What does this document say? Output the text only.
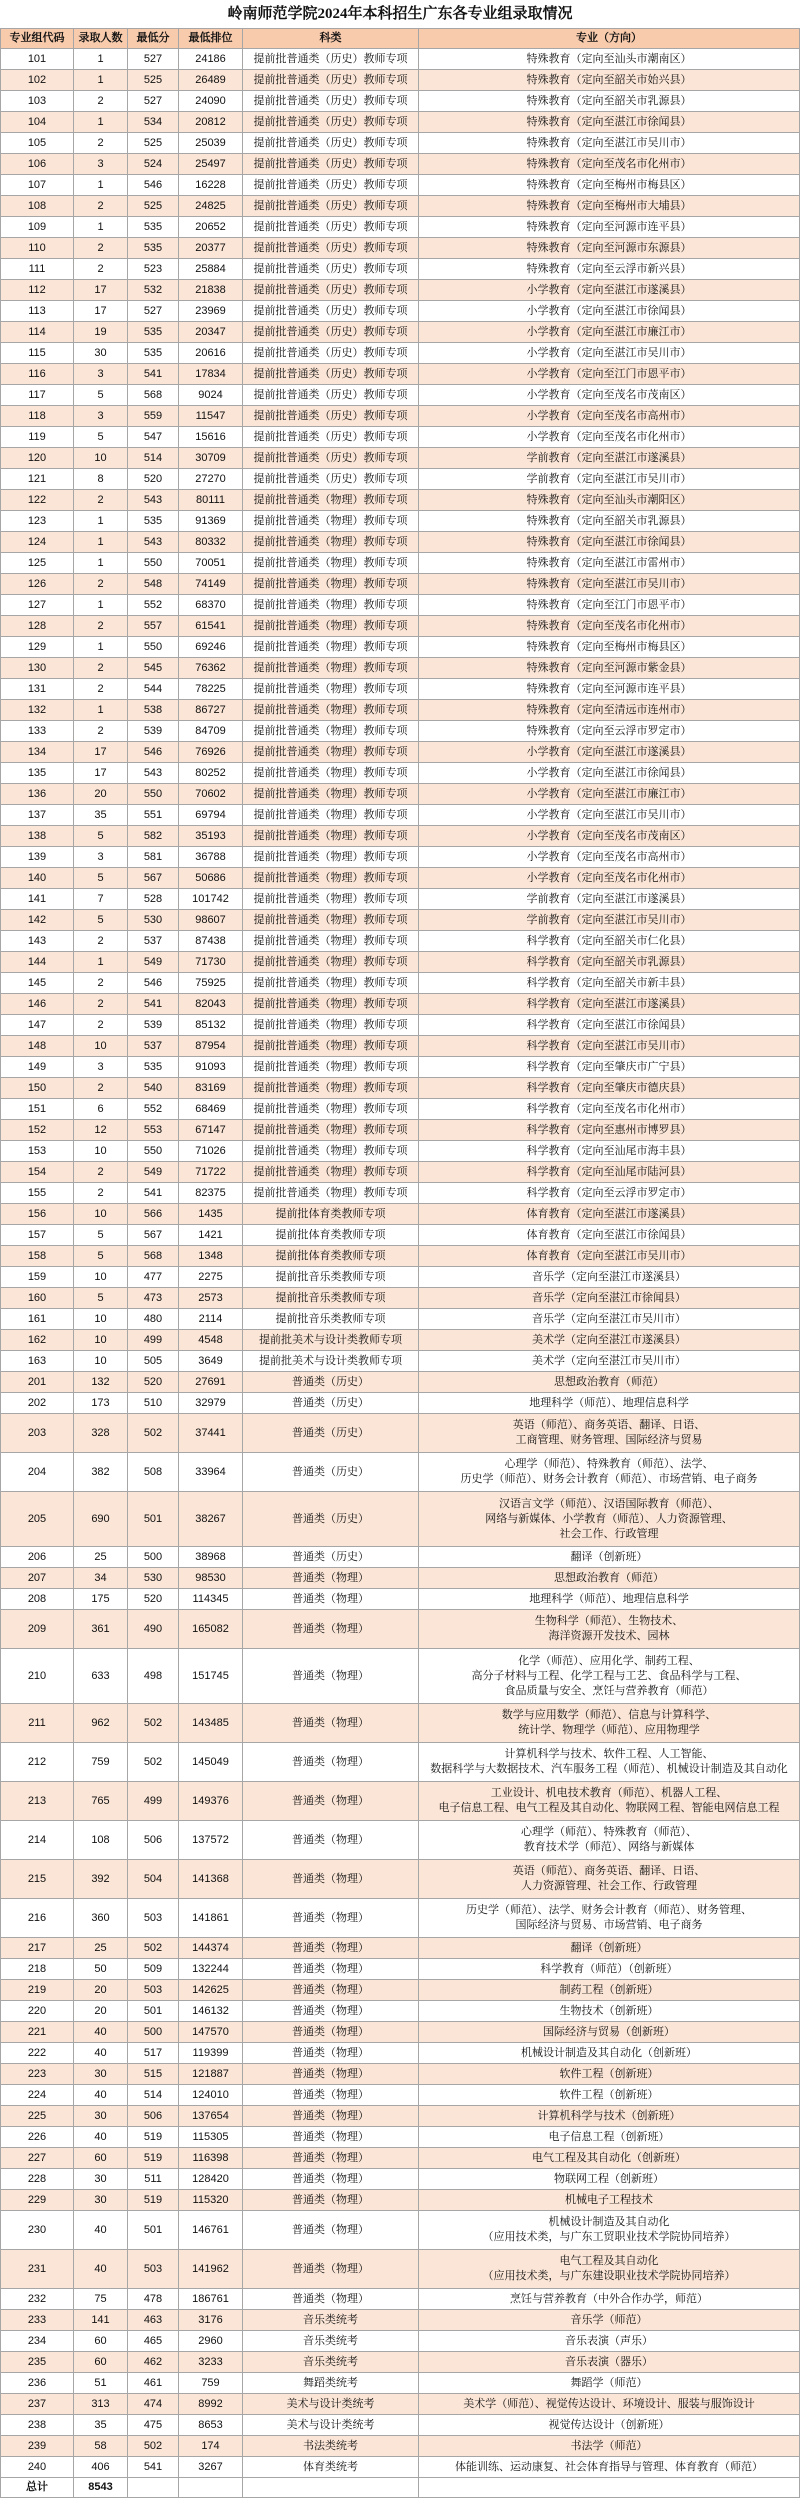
岭南师范学院2024年本科招生广东各专业组录取情况
专业组代码	录取人数	最低分	最低排位	科类	专业（方向）
101	1	527	24186	提前批普通类（历史）教师专项	特殊教育（定向至汕头市潮南区）
102	1	525	26489	提前批普通类（历史）教师专项	特殊教育（定向至韶关市始兴县）
103	2	527	24090	提前批普通类（历史）教师专项	特殊教育（定向至韶关市乳源县）
104	1	534	20812	提前批普通类（历史）教师专项	特殊教育（定向至湛江市徐闻县）
105	2	525	25039	提前批普通类（历史）教师专项	特殊教育（定向至湛江市吴川市）
106	3	524	25497	提前批普通类（历史）教师专项	特殊教育（定向至茂名市化州市）
107	1	546	16228	提前批普通类（历史）教师专项	特殊教育（定向至梅州市梅县区）
108	2	525	24825	提前批普通类（历史）教师专项	特殊教育（定向至梅州市大埔县）
109	1	535	20652	提前批普通类（历史）教师专项	特殊教育（定向至河源市连平县）
110	2	535	20377	提前批普通类（历史）教师专项	特殊教育（定向至河源市东源县）
111	2	523	25884	提前批普通类（历史）教师专项	特殊教育（定向至云浮市新兴县）
112	17	532	21838	提前批普通类（历史）教师专项	小学教育（定向至湛江市遂溪县）
113	17	527	23969	提前批普通类（历史）教师专项	小学教育（定向至湛江市徐闻县）
114	19	535	20347	提前批普通类（历史）教师专项	小学教育（定向至湛江市廉江市）
115	30	535	20616	提前批普通类（历史）教师专项	小学教育（定向至湛江市吴川市）
116	3	541	17834	提前批普通类（历史）教师专项	小学教育（定向至江门市恩平市）
117	5	568	9024	提前批普通类（历史）教师专项	小学教育（定向至茂名市茂南区）
118	3	559	11547	提前批普通类（历史）教师专项	小学教育（定向至茂名市高州市）
119	5	547	15616	提前批普通类（历史）教师专项	小学教育（定向至茂名市化州市）
120	10	514	30709	提前批普通类（历史）教师专项	学前教育（定向至湛江市遂溪县）
121	8	520	27270	提前批普通类（历史）教师专项	学前教育（定向至湛江市吴川市）
122	2	543	80111	提前批普通类（物理）教师专项	特殊教育（定向至汕头市潮阳区）
123	1	535	91369	提前批普通类（物理）教师专项	特殊教育（定向至韶关市乳源县）
124	1	543	80332	提前批普通类（物理）教师专项	特殊教育（定向至湛江市徐闻县）
125	1	550	70051	提前批普通类（物理）教师专项	特殊教育（定向至湛江市雷州市）
126	2	548	74149	提前批普通类（物理）教师专项	特殊教育（定向至湛江市吴川市）
127	1	552	68370	提前批普通类（物理）教师专项	特殊教育（定向至江门市恩平市）
128	2	557	61541	提前批普通类（物理）教师专项	特殊教育（定向至茂名市化州市）
129	1	550	69246	提前批普通类（物理）教师专项	特殊教育（定向至梅州市梅县区）
130	2	545	76362	提前批普通类（物理）教师专项	特殊教育（定向至河源市紫金县）
131	2	544	78225	提前批普通类（物理）教师专项	特殊教育（定向至河源市连平县）
132	1	538	86727	提前批普通类（物理）教师专项	特殊教育（定向至清远市连州市）
133	2	539	84709	提前批普通类（物理）教师专项	特殊教育（定向至云浮市罗定市）
134	17	546	76926	提前批普通类（物理）教师专项	小学教育（定向至湛江市遂溪县）
135	17	543	80252	提前批普通类（物理）教师专项	小学教育（定向至湛江市徐闻县）
136	20	550	70602	提前批普通类（物理）教师专项	小学教育（定向至湛江市廉江市）
137	35	551	69794	提前批普通类（物理）教师专项	小学教育（定向至湛江市吴川市）
138	5	582	35193	提前批普通类（物理）教师专项	小学教育（定向至茂名市茂南区）
139	3	581	36788	提前批普通类（物理）教师专项	小学教育（定向至茂名市高州市）
140	5	567	50686	提前批普通类（物理）教师专项	小学教育（定向至茂名市化州市）
141	7	528	101742	提前批普通类（物理）教师专项	学前教育（定向至湛江市遂溪县）
142	5	530	98607	提前批普通类（物理）教师专项	学前教育（定向至湛江市吴川市）
143	2	537	87438	提前批普通类（物理）教师专项	科学教育（定向至韶关市仁化县）
144	1	549	71730	提前批普通类（物理）教师专项	科学教育（定向至韶关市乳源县）
145	2	546	75925	提前批普通类（物理）教师专项	科学教育（定向至韶关市新丰县）
146	2	541	82043	提前批普通类（物理）教师专项	科学教育（定向至湛江市遂溪县）
147	2	539	85132	提前批普通类（物理）教师专项	科学教育（定向至湛江市徐闻县）
148	10	537	87954	提前批普通类（物理）教师专项	科学教育（定向至湛江市吴川市）
149	3	535	91093	提前批普通类（物理）教师专项	科学教育（定向至肇庆市广宁县）
150	2	540	83169	提前批普通类（物理）教师专项	科学教育（定向至肇庆市德庆县）
151	6	552	68469	提前批普通类（物理）教师专项	科学教育（定向至茂名市化州市）
152	12	553	67147	提前批普通类（物理）教师专项	科学教育（定向至惠州市博罗县）
153	10	550	71026	提前批普通类（物理）教师专项	科学教育（定向至汕尾市海丰县）
154	2	549	71722	提前批普通类（物理）教师专项	科学教育（定向至汕尾市陆河县）
155	2	541	82375	提前批普通类（物理）教师专项	科学教育（定向至云浮市罗定市）
156	10	566	1435	提前批体育类教师专项	体育教育（定向至湛江市遂溪县）
157	5	567	1421	提前批体育类教师专项	体育教育（定向至湛江市徐闻县）
158	5	568	1348	提前批体育类教师专项	体育教育（定向至湛江市吴川市）
159	10	477	2275	提前批音乐类教师专项	音乐学（定向至湛江市遂溪县）
160	5	473	2573	提前批音乐类教师专项	音乐学（定向至湛江市徐闻县）
161	10	480	2114	提前批音乐类教师专项	音乐学（定向至湛江市吴川市）
162	10	499	4548	提前批美术与设计类教师专项	美术学（定向至湛江市遂溪县）
163	10	505	3649	提前批美术与设计类教师专项	美术学（定向至湛江市吴川市）
201	132	520	27691	普通类（历史）	思想政治教育（师范）
202	173	510	32979	普通类（历史）	地理科学（师范）、地理信息科学
203	328	502	37441	普通类（历史）
英语（师范）、商务英语、翻译、日语、
工商管理、财务管理、国际经济与贸易
204	382	508	33964	普通类（历史）
心理学（师范）、特殊教育（师范）、法学、
历史学（师范）、财务会计教育（师范）、市场营销、电子商务
205	690	501	38267	普通类（历史）
汉语言文学（师范）、汉语国际教育（师范）、
网络与新媒体、小学教育（师范）、人力资源管理、
社会工作、行政管理
206	25	500	38968	普通类（历史）	翻译（创新班）
207	34	530	98530	普通类（物理）	思想政治教育（师范）
208	175	520	114345	普通类（物理）	地理科学（师范）、地理信息科学
209	361	490	165082	普通类（物理）
生物科学（师范）、生物技术、
海洋资源开发技术、园林
210	633	498	151745	普通类（物理）
化学（师范）、应用化学、制药工程、
高分子材料与工程、化学工程与工艺、食品科学与工程、
食品质量与安全、烹饪与营养教育（师范）
211	962	502	143485	普通类（物理）
数学与应用数学（师范）、信息与计算科学、
统计学、物理学（师范）、应用物理学
212	759	502	145049	普通类（物理）
计算机科学与技术、软件工程、人工智能、
数据科学与大数据技术、汽车服务工程（师范）、机械设计制造及其自动化
213	765	499	149376	普通类（物理）
工业设计、机电技术教育（师范）、机器人工程、
电子信息工程、电气工程及其自动化、物联网工程、智能电网信息工程
214	108	506	137572	普通类（物理）
心理学（师范）、特殊教育（师范）、
教育技术学（师范）、网络与新媒体
215	392	504	141368	普通类（物理）
英语（师范）、商务英语、翻译、日语、
人力资源管理、社会工作、行政管理
216	360	503	141861	普通类（物理）
历史学（师范）、法学、财务会计教育（师范）、财务管理、
国际经济与贸易、市场营销、电子商务
217	25	502	144374	普通类（物理）	翻译（创新班）
218	50	509	132244	普通类（物理）	科学教育（师范）（创新班）
219	20	503	142625	普通类（物理）	制药工程（创新班）
220	20	501	146132	普通类（物理）	生物技术（创新班）
221	40	500	147570	普通类（物理）	国际经济与贸易（创新班）
222	40	517	119399	普通类（物理）	机械设计制造及其自动化（创新班）
223	30	515	121887	普通类（物理）	软件工程（创新班）
224	40	514	124010	普通类（物理）	软件工程（创新班）
225	30	506	137654	普通类（物理）	计算机科学与技术（创新班）
226	40	519	115305	普通类（物理）	电子信息工程（创新班）
227	60	519	116398	普通类（物理）	电气工程及其自动化（创新班）
228	30	511	128420	普通类（物理）	物联网工程（创新班）
229	30	519	115320	普通类（物理）	机械电子工程技术
230	40	501	146761	普通类（物理）
机械设计制造及其自动化
（应用技术类，与广东工贸职业技术学院协同培养）
231	40	503	141962	普通类（物理）
电气工程及其自动化
（应用技术类，与广东建设职业技术学院协同培养）
232	75	478	186761	普通类（物理）	烹饪与营养教育（中外合作办学，师范）
233	141	463	3176	音乐类统考	音乐学（师范）
234	60	465	2960	音乐类统考	音乐表演（声乐）
235	60	462	3233	音乐类统考	音乐表演（器乐）
236	51	461	759	舞蹈类统考	舞蹈学（师范）
237	313	474	8992	美术与设计类统考	美术学（师范）、视觉传达设计、环境设计、服装与服饰设计
238	35	475	8653	美术与设计类统考	视觉传达设计（创新班）
239	58	502	174	书法类统考	书法学（师范）
240	406	541	3267	体育类统考	体能训练、运动康复、社会体育指导与管理、体育教育（师范）
总计	8543
